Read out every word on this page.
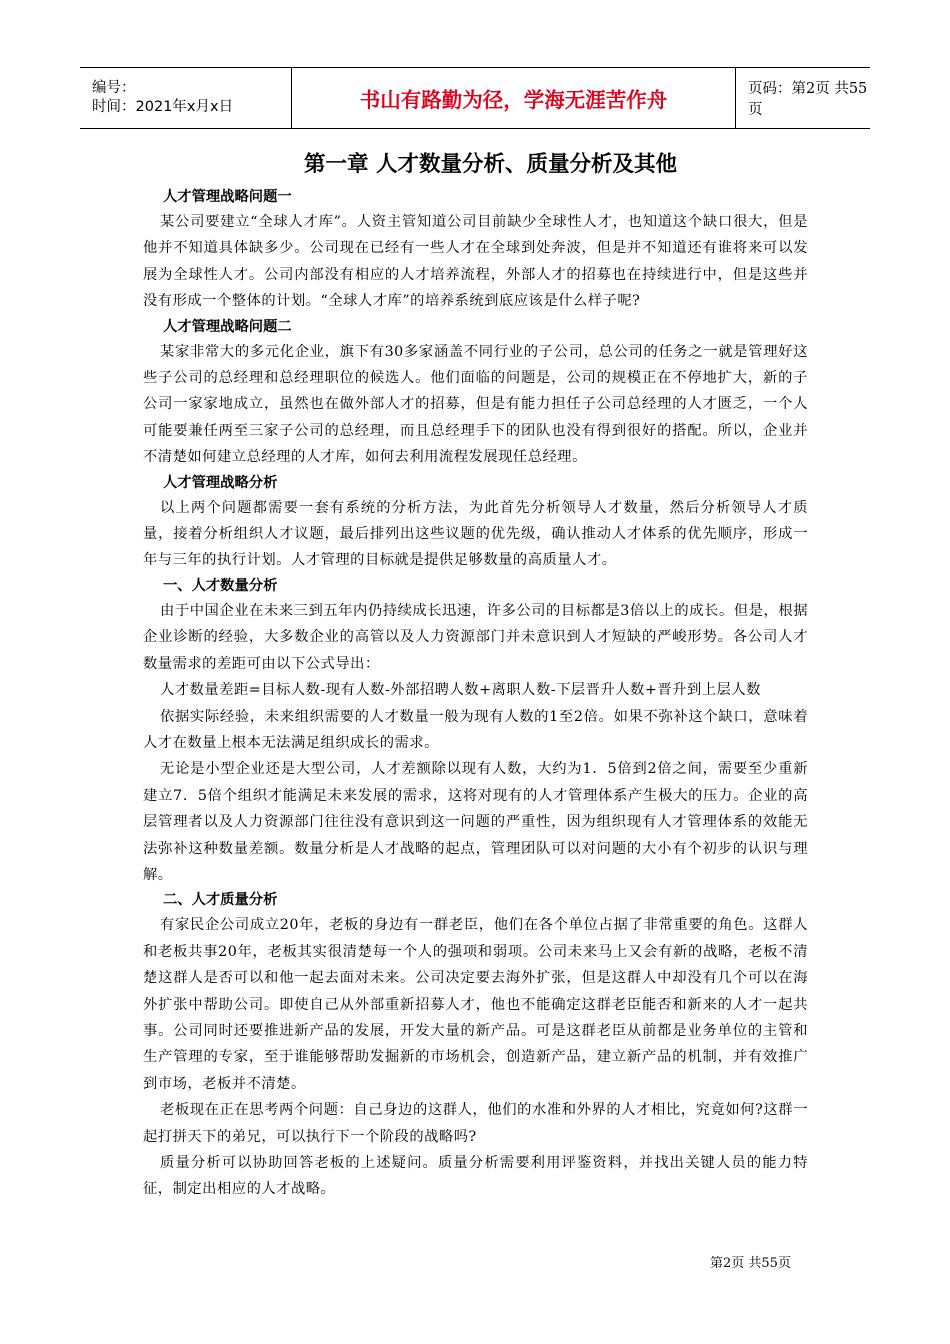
编号：
时间：2021年x月x日	书山有路勤为径，学海无涯苦作舟	页码：第2页 共55页
第一章 人才数量分析、质量分析及其他
人才管理战略问题一

某公司要建立“全球人才库”。人资主管知道公司目前缺少全球性人才，也知道这个缺口很大，但是他并不知道具体缺多少。公司现在已经有一些人才在全球到处奔波，但是并不知道还有谁将来可以发展为全球性人才。公司内部没有相应的人才培养流程，外部人才的招募也在持续进行中，但是这些并没有形成一个整体的计划。“全球人才库”的培养系统到底应该是什么样子呢?

人才管理战略问题二

某家非常大的多元化企业，旗下有30多家涵盖不同行业的子公司，总公司的任务之一就是管理好这些子公司的总经理和总经理职位的候选人。他们面临的问题是，公司的规模正在不停地扩大，新的子公司一家家地成立，虽然也在做外部人才的招募，但是有能力担任子公司总经理的人才匮乏，一个人可能要兼任两至三家子公司的总经理，而且总经理手下的团队也没有得到很好的搭配。所以，企业并不清楚如何建立总经理的人才库，如何去利用流程发展现任总经理。

人才管理战略分析

以上两个问题都需要一套有系统的分析方法，为此首先分析领导人才数量，然后分析领导人才质量，接着分析组织人才议题，最后排列出这些议题的优先级，确认推动人才体系的优先顺序，形成一年与三年的执行计划。人才管理的目标就是提供足够数量的高质量人才。

一、人才数量分析

由于中国企业在未来三到五年内仍持续成长迅速，许多公司的目标都是3倍以上的成长。但是，根据企业诊断的经验，大多数企业的高管以及人力资源部门并未意识到人才短缺的严峻形势。各公司人才数量需求的差距可由以下公式导出：

人才数量差距=目标人数-现有人数-外部招聘人数+离职人数-下层晋升人数+晋升到上层人数

依据实际经验，未来组织需要的人才数量一般为现有人数的1至2倍。如果不弥补这个缺口，意味着人才在数量上根本无法满足组织成长的需求。

无论是小型企业还是大型公司，人才差额除以现有人数，大约为1．5倍到2倍之间，需要至少重新建立7．5倍个组织才能满足未来发展的需求，这将对现有的人才管理体系产生极大的压力。企业的高层管理者以及人力资源部门往往没有意识到这一问题的严重性，因为组织现有人才管理体系的效能无法弥补这种数量差额。数量分析是人才战略的起点，管理团队可以对问题的大小有个初步的认识与理解。

二、人才质量分析

有家民企公司成立20年，老板的身边有一群老臣，他们在各个单位占据了非常重要的角色。这群人和老板共事20年，老板其实很清楚每一个人的强项和弱项。公司未来马上又会有新的战略，老板不清楚这群人是否可以和他一起去面对未来。公司决定要去海外扩张，但是这群人中却没有几个可以在海外扩张中帮助公司。即使自己从外部重新招募人才，他也不能确定这群老臣能否和新来的人才一起共事。公司同时还要推进新产品的发展，开发大量的新产品。可是这群老臣从前都是业务单位的主管和生产管理的专家，至于谁能够帮助发掘新的市场机会，创造新产品，建立新产品的机制，并有效推广到市场，老板并不清楚。

老板现在正在思考两个问题：自己身边的这群人，他们的水准和外界的人才相比，究竟如何?这群一起打拼天下的弟兄，可以执行下一个阶段的战略吗?

质量分析可以协助回答老板的上述疑问。质量分析需要利用评鉴资料，并找出关键人员的能力特征，制定出相应的人才战略。

第2页 共55页
